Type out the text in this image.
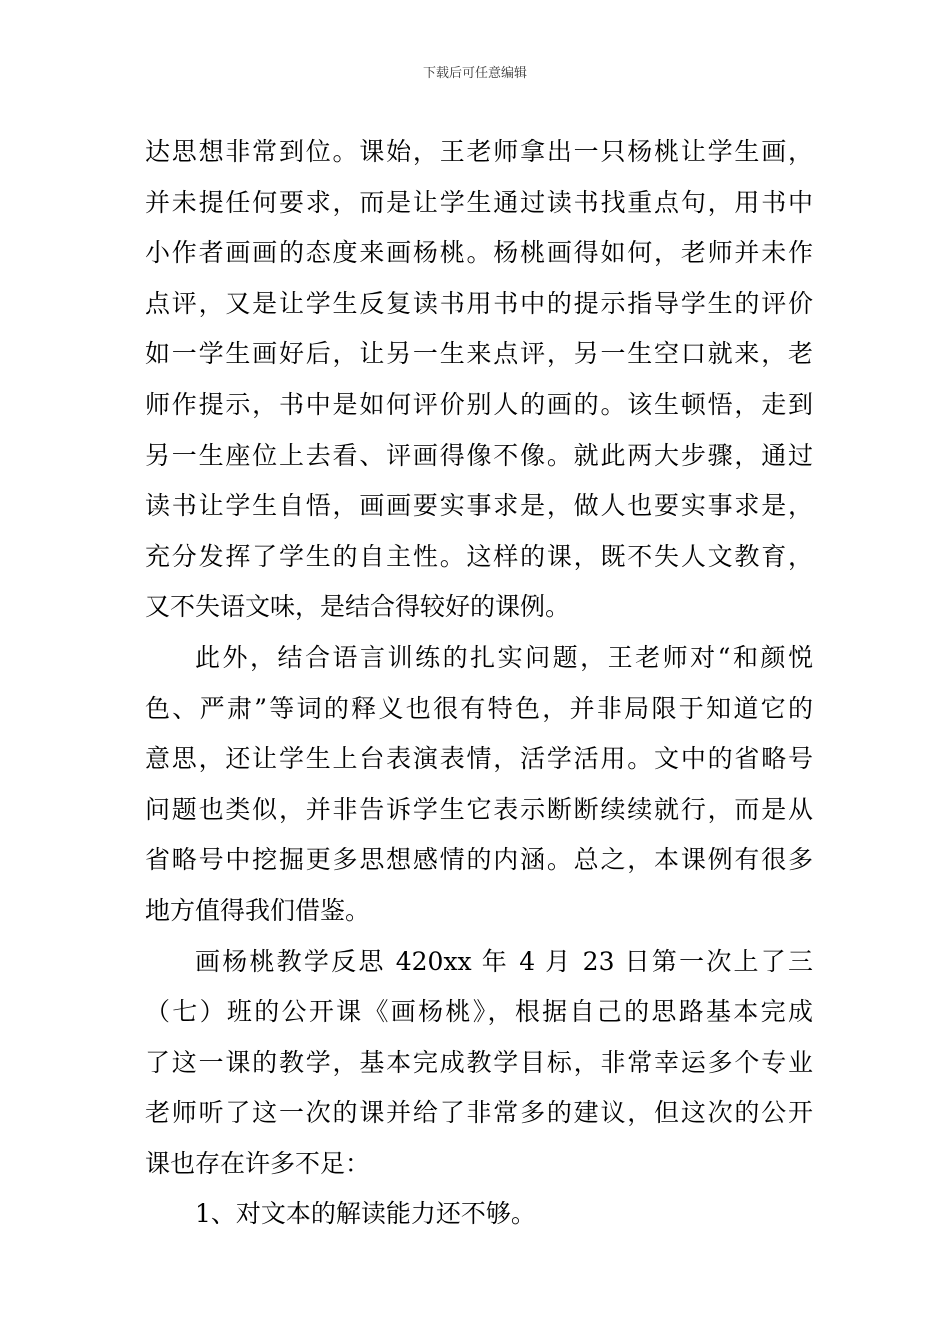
下载后可任意编辑
达思想非常到位。课始，王老师拿出一只杨桃让学生画，
并未提任何要求，而是让学生通过读书找重点句，用书中
小作者画画的态度来画杨桃。杨桃画得如何，老师并未作
点评，又是让学生反复读书用书中的提示指导学生的评价
如一学生画好后，让另一生来点评，另一生空口就来，老
师作提示，书中是如何评价别人的画的。该生顿悟，走到
另一生座位上去看、评画得像不像。就此两大步骤，通过
读书让学生自悟，画画要实事求是，做人也要实事求是，
充分发挥了学生的自主性。这样的课，既不失人文教育，
又不失语文味，是结合得较好的课例。
此外，结合语言训练的扎实问题，王老师对“和颜悦
色、严肃”等词的释义也很有特色，并非局限于知道它的
意思，还让学生上台表演表情，活学活用。文中的省略号
问题也类似，并非告诉学生它表示断断续续就行，而是从
省略号中挖掘更多思想感情的内涵。总之，本课例有很多
地方值得我们借鉴。
画杨桃教学反思 420xx 年 4 月 23 日第一次上了三
（七）班的公开课《画杨桃》，根据自己的思路基本完成
了这一课的教学，基本完成教学目标，非常幸运多个专业
老师听了这一次的课并给了非常多的建议，但这次的公开
课也存在许多不足：
1、对文本的解读能力还不够。
